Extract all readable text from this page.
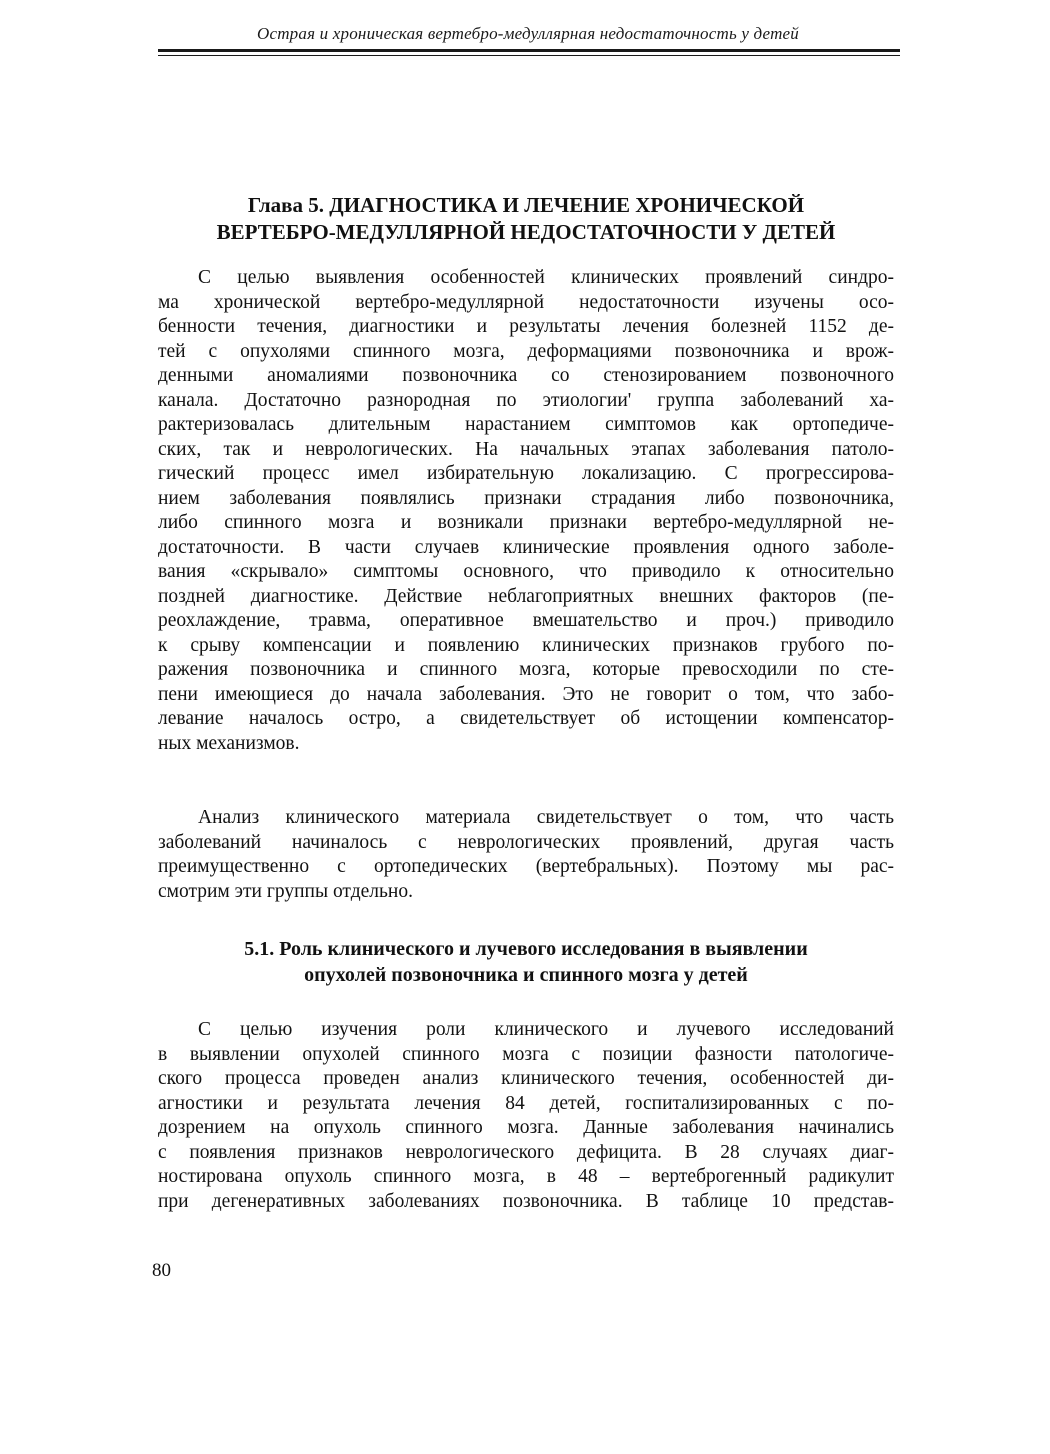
Острая и хроническая вертебро-медуллярная недостаточность у детей
Глава 5. ДИАГНОСТИКА И ЛЕЧЕНИЕ ХРОНИЧЕСКОЙ
ВЕРТЕБРО-МЕДУЛЛЯРНОЙ НЕДОСТАТОЧНОСТИ У ДЕТЕЙ
С целью выявления особенностей клинических проявлений синдро-
ма хронической вертебро-медуллярной недостаточности изучены осо-
бенности течения, диагностики и результаты лечения болезней 1152 де-
тей с опухолями спинного мозга, деформациями позвоночника и врож-
денными аномалиями позвоночника со стенозированием позвоночного
канала. Достаточно разнородная по этиологии' группа заболеваний ха-
рактеризовалась длительным нарастанием симптомов как ортопедиче-
ских, так и неврологических. На начальных этапах заболевания патоло-
гический процесс имел избирательную локализацию. С прогрессирова-
нием заболевания появлялись признаки страдания либо позвоночника,
либо спинного мозга и возникали признаки вертебро-медуллярной не-
достаточности. В части случаев клинические проявления одного заболе-
вания «скрывало» симптомы основного, что приводило к относительно
поздней диагностике. Действие неблагоприятных внешних факторов (пе-
реохлаждение, травма, оперативное вмешательство и проч.) приводило
к срыву компенсации и появлению клинических признаков грубого по-
ражения позвоночника и спинного мозга, которые превосходили по сте-
пени имеющиеся до начала заболевания. Это не говорит о том, что забо-
левание началось остро, а свидетельствует об истощении компенсатор-
ных механизмов.
Анализ клинического материала свидетельствует о том, что часть
заболеваний начиналось с неврологических проявлений, другая часть
преимущественно с ортопедических (вертебральных). Поэтому мы рас-
смотрим эти группы отдельно.
5.1. Роль клинического и лучевого исследования в выявлении
опухолей позвоночника и спинного мозга у детей
С целью изучения роли клинического и лучевого исследований
в выявлении опухолей спинного мозга с позиции фазности патологиче-
ского процесса проведен анализ клинического течения, особенностей ди-
агностики и результата лечения 84 детей, госпитализированных с по-
дозрением на опухоль спинного мозга. Данные заболевания начинались
с появления признаков неврологического дефицита. В 28 случаях диаг-
ностирована опухоль спинного мозга, в 48 – вертеброгенный радикулит
при дегенеративных заболеваниях позвоночника. В таблице 10 представ-
80
